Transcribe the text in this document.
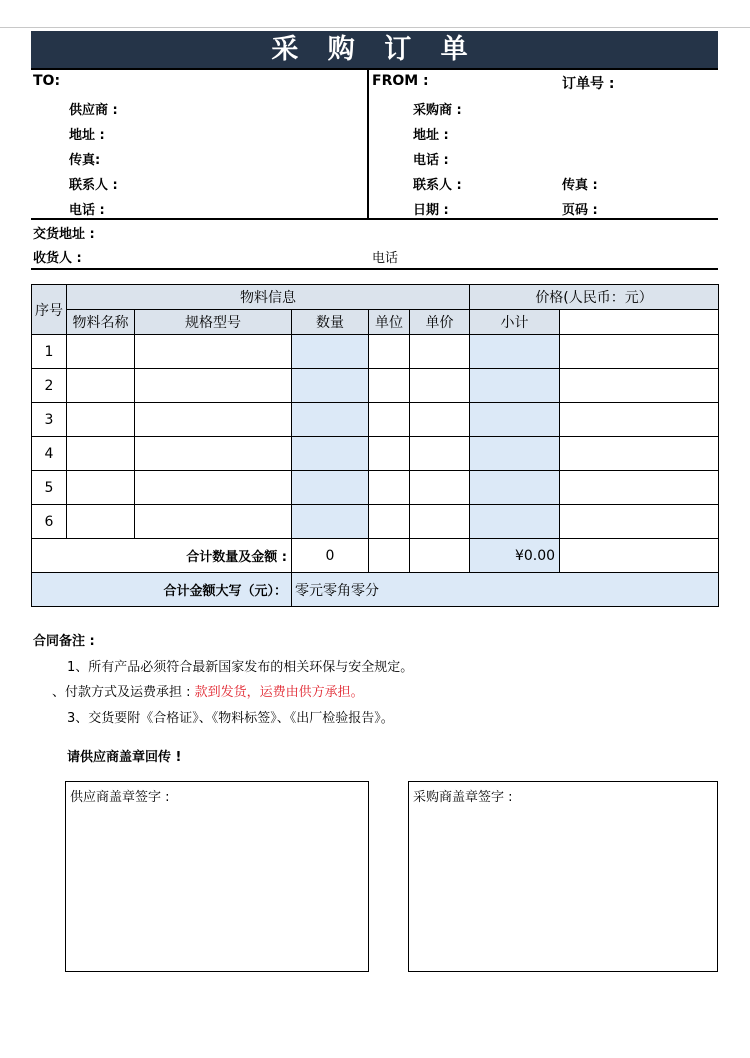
采 购 订 单
TO:	FROM :	订单号 :
供应商 :
地址 :
传真:
联系人 :
电话 :
采购商 :
地址 :
电话 :
联系人 :
日期 :
传真 :
页码 :
交货地址 :
收货人 :	电话
序号	物料信息					价格(人民币：元）	
	物料名称	规格型号	数量	单位	单价	小计		
1								
2								
3								
4								
5								
6								
合计数量及金额 :			0			¥0.00		
合计金额大写（元）：			零元零角零分					
合同备注 :
1、所有产品必须符合最新国家发布的相关环保与安全规定。
、付款方式及运费承担 : 款到发货，运费由供方承担。
3、交货要附《合格证》、《物料标签》、《出厂检验报告》。
请供应商盖章回传 !
供应商盖章签字 :	采购商盖章签字 :
